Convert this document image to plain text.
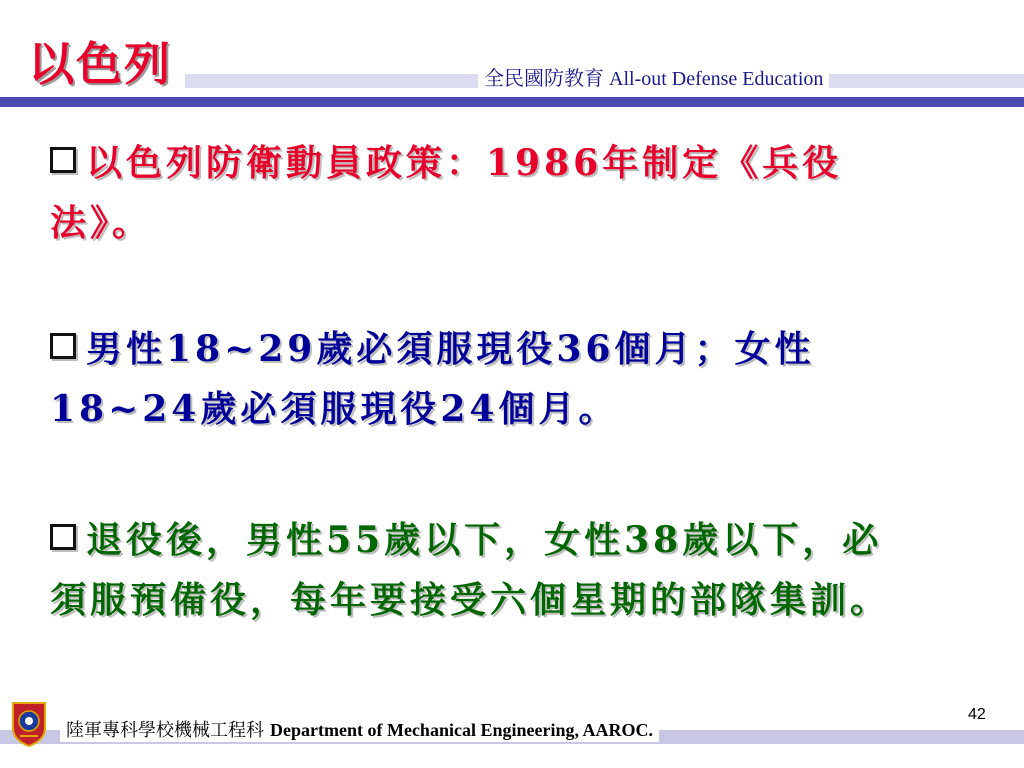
以色列	全民國防教育 All-out Defense Education
以色列防衛動員政策：1986年制定《兵役法》。
男性18~29歲必須服現役36個月；女性18~24歲必須服現役24個月。
退役後，男性55歲以下，女性38歲以下，必須服預備役，每年要接受六個星期的部隊集訓。
陸軍專科學校機械工程科 Department of Mechanical Engineering, AAROC.
42
